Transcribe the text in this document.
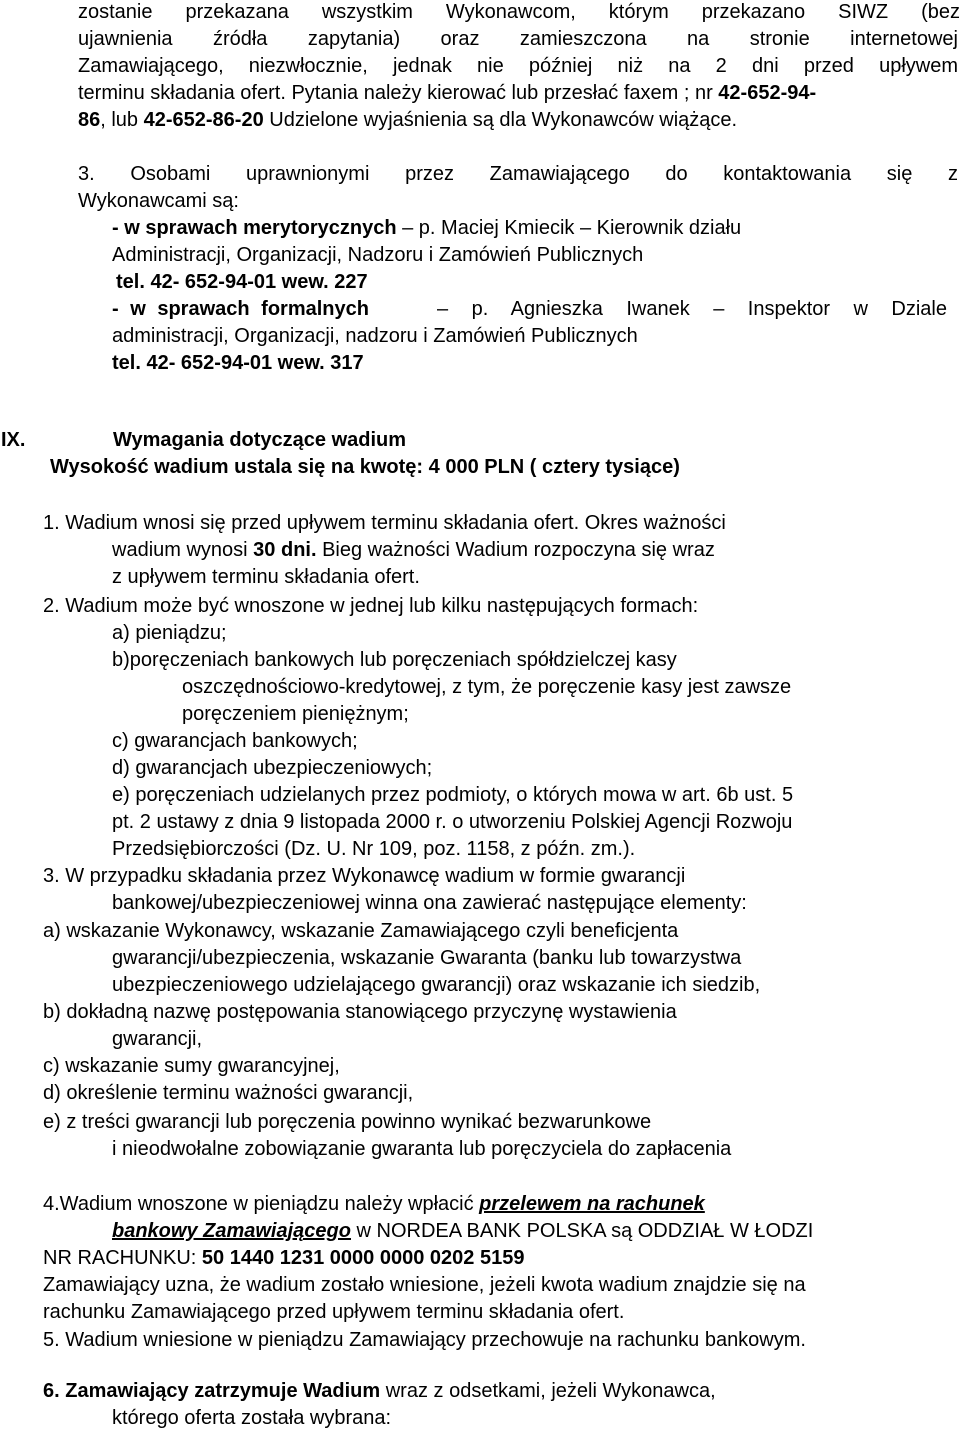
zostanie przekazana wszystkim Wykonawcom, którym przekazano SIWZ (bez

ujawnienia źródła zapytania) oraz zamieszczona na stronie internetowej

Zamawiającego, niezwłocznie, jednak nie później niż na 2 dni przed upływem

terminu składania ofert. Pytania należy kierować lub przesłać faxem ; nr 42-652-94-

86, lub 42-652-86-20 Udzielone wyjaśnienia są dla Wykonawców wiążące.

3. Osobami uprawnionymi przez Zamawiającego do kontaktowania się z

Wykonawcami są:

- w sprawach merytorycznych – p. Maciej Kmiecik – Kierownik działu

Administracji, Organizacji, Nadzoru i Zamówień Publicznych

tel. 42- 652-94-01 wew. 227

- w sprawach formalnych	– p. Agnieszka Iwanek – Inspektor w Dziale

administracji, Organizacji, nadzoru i Zamówień Publicznych

tel. 42- 652-94-01 wew. 317

IX.	Wymagania dotyczące wadium

Wysokość wadium ustala się na kwotę: 4 000 PLN ( cztery tysiące)

1. Wadium wnosi się przed upływem terminu składania ofert. Okres ważności

wadium wynosi 30 dni. Bieg ważności Wadium rozpoczyna się wraz

z upływem terminu składania ofert.

2. Wadium może być wnoszone w jednej lub kilku następujących formach:

a) pieniądzu;

b)poręczeniach bankowych lub poręczeniach spółdzielczej kasy

oszczędnościowo-kredytowej, z tym, że poręczenie kasy jest zawsze

poręczeniem pieniężnym;

c) gwarancjach bankowych;

d) gwarancjach ubezpieczeniowych;

e) poręczeniach udzielanych przez podmioty, o których mowa w art. 6b ust. 5

pt. 2 ustawy z dnia 9 listopada 2000 r. o utworzeniu Polskiej Agencji Rozwoju

Przedsiębiorczości (Dz. U. Nr 109, poz. 1158, z późn. zm.).

3. W przypadku składania przez Wykonawcę wadium w formie gwarancji

bankowej/ubezpieczeniowej winna ona zawierać następujące elementy:

a) wskazanie Wykonawcy, wskazanie Zamawiającego czyli beneficjenta

gwarancji/ubezpieczenia, wskazanie Gwaranta (banku lub towarzystwa

ubezpieczeniowego udzielającego gwarancji) oraz wskazanie ich siedzib,

b) dokładną nazwę postępowania stanowiącego przyczynę wystawienia

gwarancji,

c) wskazanie sumy gwarancyjnej,

d) określenie terminu ważności gwarancji,

e) z treści gwarancji lub poręczenia powinno wynikać bezwarunkowe

i nieodwołalne zobowiązanie gwaranta lub poręczyciela do zapłacenia

4.Wadium wnoszone w pieniądzu należy wpłacić przelewem na rachunek

bankowy Zamawiającego w NORDEA BANK POLSKA są ODDZIAŁ W ŁODZI

NR RACHUNKU: 50 1440 1231 0000 0000 0202 5159

Zamawiający uzna, że wadium zostało wniesione, jeżeli kwota wadium znajdzie się na

rachunku Zamawiającego przed upływem terminu składania ofert.

5. Wadium wniesione w pieniądzu Zamawiający przechowuje na rachunku bankowym.

6. Zamawiający zatrzymuje Wadium wraz z odsetkami, jeżeli Wykonawca,

którego oferta została wybrana:
